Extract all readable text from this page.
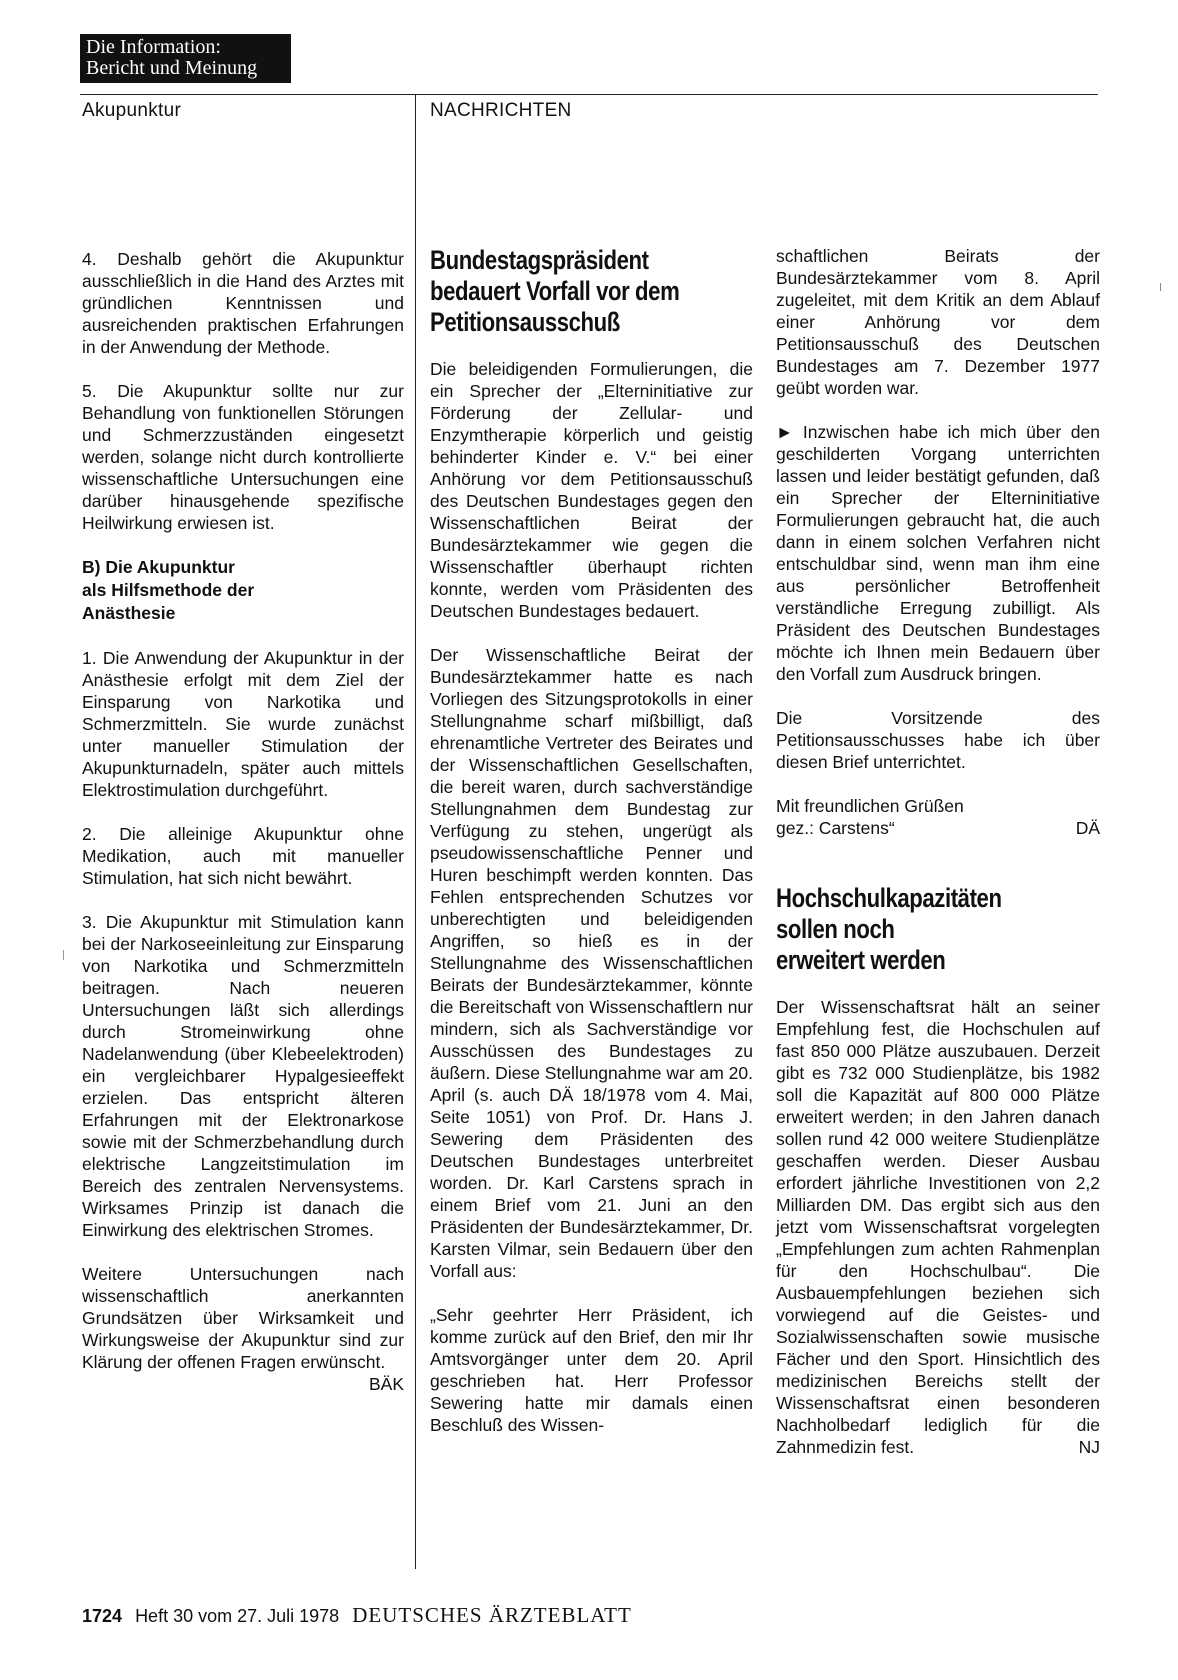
Die Information:
Bericht und Meinung
Akupunktur	NACHRICHTEN

4. Deshalb gehört die Akupunktur ausschließlich in die Hand des Arztes mit gründlichen Kenntnissen und ausreichenden praktischen Erfahrungen in der Anwendung der Methode.

5. Die Akupunktur sollte nur zur Behandlung von funktionellen Störungen und Schmerzzuständen eingesetzt werden, solange nicht durch kontrollierte wissenschaftliche Untersuchungen eine darüber hinausgehende spezifische Heilwirkung erwiesen ist.

B) Die Akupunktur
als Hilfsmethode der
Anästhesie

1. Die Anwendung der Akupunktur in der Anästhesie erfolgt mit dem Ziel der Einsparung von Narkotika und Schmerzmitteln. Sie wurde zunächst unter manueller Stimulation der Akupunkturnadeln, später auch mittels Elektrostimulation durchgeführt.

2. Die alleinige Akupunktur ohne Medikation, auch mit manueller Stimulation, hat sich nicht bewährt.

3. Die Akupunktur mit Stimulation kann bei der Narkoseeinleitung zur Einsparung von Narkotika und Schmerzmitteln beitragen. Nach neueren Untersuchungen läßt sich allerdings durch Stromeinwirkung ohne Nadelanwendung (über Klebeelektroden) ein vergleichbarer Hypalgesieeffekt erzielen. Das entspricht älteren Erfahrungen mit der Elektronarkose sowie mit der Schmerzbehandlung durch elektrische Langzeitstimulation im Bereich des zentralen Nervensystems. Wirksames Prinzip ist danach die Einwirkung des elektrischen Stromes.

Weitere Untersuchungen nach wissenschaftlich anerkannten Grundsätzen über Wirksamkeit und Wirkungsweise der Akupunktur sind zur Klärung der offenen Fragen erwünscht.
BÄK

Bundestagspräsident
bedauert Vorfall vor dem
Petitionsausschuß

Die beleidigenden Formulierungen, die ein Sprecher der „Elterninitiative zur Förderung der Zellular- und Enzymtherapie körperlich und geistig behinderter Kinder e. V.“ bei einer Anhörung vor dem Petitionsausschuß des Deutschen Bundestages gegen den Wissenschaftlichen Beirat der Bundesärztekammer wie gegen die Wissenschaftler überhaupt richten konnte, werden vom Präsidenten des Deutschen Bundestages bedauert.

Der Wissenschaftliche Beirat der Bundesärztekammer hatte es nach Vorliegen des Sitzungsprotokolls in einer Stellungnahme scharf mißbilligt, daß ehrenamtliche Vertreter des Beirates und der Wissenschaftlichen Gesellschaften, die bereit waren, durch sachverständige Stellungnahmen dem Bundestag zur Verfügung zu stehen, ungerügt als pseudowissenschaftliche Penner und Huren beschimpft werden konnten. Das Fehlen entsprechenden Schutzes vor unberechtigten und beleidigenden Angriffen, so hieß es in der Stellungnahme des Wissenschaftlichen Beirats der Bundesärztekammer, könnte die Bereitschaft von Wissenschaftlern nur mindern, sich als Sachverständige vor Ausschüssen des Bundestages zu äußern. Diese Stellungnahme war am 20. April (s. auch DÄ 18/1978 vom 4. Mai, Seite 1051) von Prof. Dr. Hans J. Sewering dem Präsidenten des Deutschen Bundestages unterbreitet worden. Dr. Karl Carstens sprach in einem Brief vom 21. Juni an den Präsidenten der Bundesärztekammer, Dr. Karsten Vilmar, sein Bedauern über den Vorfall aus:

„Sehr geehrter Herr Präsident, ich komme zurück auf den Brief, den mir Ihr Amtsvorgänger unter dem 20. April geschrieben hat. Herr Professor Sewering hatte mir damals einen Beschluß des Wissen-

schaftlichen Beirats der Bundesärztekammer vom 8. April zugeleitet, mit dem Kritik an dem Ablauf einer Anhörung vor dem Petitionsausschuß des Deutschen Bundestages am 7. Dezember 1977 geübt worden war.

► Inzwischen habe ich mich über den geschilderten Vorgang unterrichten lassen und leider bestätigt gefunden, daß ein Sprecher der Elterninitiative Formulierungen gebraucht hat, die auch dann in einem solchen Verfahren nicht entschuldbar sind, wenn man ihm eine aus persönlicher Betroffenheit verständliche Erregung zubilligt. Als Präsident des Deutschen Bundestages möchte ich Ihnen mein Bedauern über den Vorfall zum Ausdruck bringen.

Die Vorsitzende des Petitionsausschusses habe ich über diesen Brief unterrichtet.

Mit freundlichen Grüßen
gez.: Carstens“	DÄ
Hochschulkapazitäten
sollen noch
erweitert werden

Der Wissenschaftsrat hält an seiner Empfehlung fest, die Hochschulen auf fast 850 000 Plätze auszubauen. Derzeit gibt es 732 000 Studienplätze, bis 1982 soll die Kapazität auf 800 000 Plätze erweitert werden; in den Jahren danach sollen rund 42 000 weitere Studienplätze geschaffen werden. Dieser Ausbau erfordert jährliche Investitionen von 2,2 Milliarden DM. Das ergibt sich aus den jetzt vom Wissenschaftsrat vorgelegten „Empfehlungen zum achten Rahmenplan für den Hochschulbau“. Die Ausbauempfehlungen beziehen sich vorwiegend auf die Geistes- und Sozialwissenschaften sowie musische Fächer und den Sport. Hinsichtlich des medizinischen Bereichs stellt der Wissenschaftsrat einen besonderen Nachholbedarf lediglich für die Zahnmedizin fest.	NJ

1724 Heft 30 vom 27. Juli 1978 DEUTSCHES ÄRZTEBLATT
